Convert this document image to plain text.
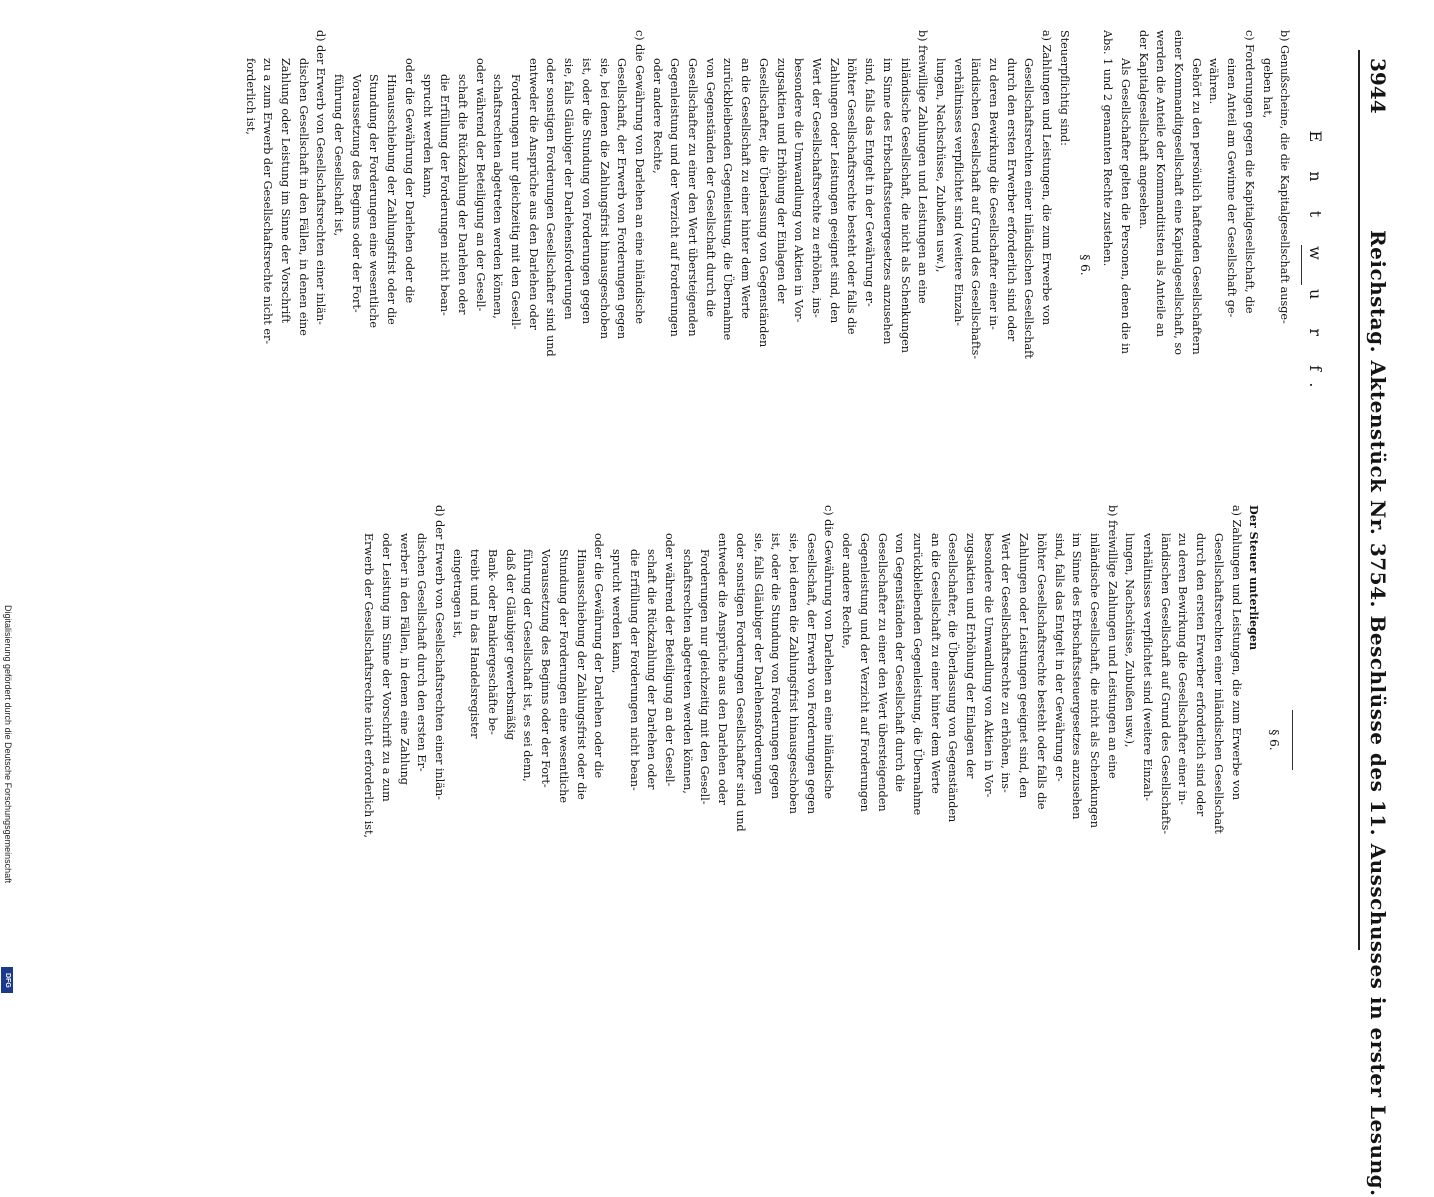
3944
Reichstag. Aktenstück Nr. 3754. Beschlüsse des 11. Ausschusses in erster Lesung.

E n t w u r f.

b) Genußscheine, die die Kapitalgesellschaft ausge-

geben hat,

c) Forderungen gegen die Kapitalgesellschaft, die

einen Anteil am Gewinne der Gesellschaft ge-

währen.

Gehört zu den persönlich haftenden Gesellschaftern

einer Kommanditgesellschaft eine Kapitalgesellschaft, so

werden die Anteile der Kommanditisten als Anteile an

der Kapitalgesellschaft angesehen.

Als Gesellschafter gelten die Personen, denen die in

Abs. 1 und 2 genannten Rechte zustehen.

§ 6.

Steuerpflichtig sind:

a) Zahlungen und Leistungen, die zum Erwerbe von

Gesellschaftsrechten einer inländischen Gesellschaft

durch den ersten Erwerber erforderlich sind oder

zu deren Bewirkung die Gesellschafter einer in-

ländischen Gesellschaft auf Grund des Gesellschafts-

verhältnisses verpflichtet sind (weitere Einzah-

lungen, Nachschüsse, Zubußen usw.),

b) freiwillige Zahlungen und Leistungen an eine

inländische Gesellschaft, die nicht als Schenkungen

im Sinne des Erbschaftssteuergesetzes anzusehen

sind, falls das Entgelt in der Gewährung er-

höhter Gesellschaftsrechte besteht oder falls die

Zahlungen oder Leistungen geeignet sind, den

Wert der Gesellschaftsrechte zu erhöhen, ins-

besondere die Umwandlung von Aktien in Vor-

zugsaktien und Erhöhung der Einlagen der

Gesellschafter, die Überlassung von Gegenständen

an die Gesellschaft zu einer hinter dem Werte

zurückbleibenden Gegenleistung, die Übernahme

von Gegenständen der Gesellschaft durch die

Gesellschafter zu einer den Wert übersteigenden

Gegenleistung und der Verzicht auf Forderungen

oder andere Rechte,

c) die Gewährung von Darlehen an eine inländische

Gesellschaft, der Erwerb von Forderungen gegen

sie, bei denen die Zahlungsfrist hinausgeschoben

ist, oder die Stundung von Forderungen gegen

sie, falls Gläubiger der Darlehensforderungen

oder sonstigen Forderungen Gesellschafter sind und

entweder die Ansprüche aus den Darlehen oder

Forderungen nur gleichzeitig mit den Gesell-

schaftsrechten abgetreten werden können,

oder während der Beteiligung an der Gesell-

schaft die Rückzahlung der Darlehen oder

die Erfüllung der Forderungen nicht bean-

sprucht werden kann,

oder die Gewährung der Darlehen oder die

Hinausschiebung der Zahlungsfrist oder die

Stundung der Forderungen eine wesentliche

Voraussetzung des Beginns oder der Fort-

führung der Gesellschaft ist,

d) der Erwerb von Gesellschaftsrechten einer inlän-

dischen Gesellschaft in den Fällen, in denen eine

Zahlung oder Leistung im Sinne der Vorschrift

zu a zum Erwerb der Gesellschaftsrechte nicht er-

forderlich ist,

§ 6.

Der Steuer unterliegen

a) Zahlungen und Leistungen, die zum Erwerbe von

Gesellschaftsrechten einer inländischen Gesellschaft

durch den ersten Erwerber erforderlich sind oder

zu deren Bewirkung die Gesellschafter einer in-

ländischen Gesellschaft auf Grund des Gesellschafts-

verhältnisses verpflichtet sind (weitere Einzah-

lungen, Nachschüsse, Zubußen usw.),

b) freiwillige Zahlungen und Leistungen an eine

inländische Gesellschaft, die nicht als Schenkungen

im Sinne des Erbschaftssteuergesetzes anzusehen

sind, falls das Entgelt in der Gewährung er-

höhter Gesellschaftsrechte besteht oder falls die

Zahlungen oder Leistungen geeignet sind, den

Wert der Gesellschaftsrechte zu erhöhen, ins-

besondere die Umwandlung von Aktien in Vor-

zugsaktien und Erhöhung der Einlagen der

Gesellschafter, die Überlassung von Gegenständen

an die Gesellschaft zu einer hinter dem Werte

zurückbleibenden Gegenleistung, die Übernahme

von Gegenständen der Gesellschaft durch die

Gesellschafter zu einer den Wert übersteigenden

Gegenleistung und der Verzicht auf Forderungen

oder andere Rechte,

c) die Gewährung von Darlehen an eine inländische

Gesellschaft, der Erwerb von Forderungen gegen

sie, bei denen die Zahlungsfrist hinausgeschoben

ist, oder die Stundung von Forderungen gegen

sie, falls Gläubiger der Darlehensforderungen

oder sonstigen Forderungen Gesellschafter sind und

entweder die Ansprüche aus den Darlehen oder

Forderungen nur gleichzeitig mit den Gesell-

schaftsrechten abgetreten werden können,

oder während der Beteiligung an der Gesell-

schaft die Rückzahlung der Darlehen oder

die Erfüllung der Forderungen nicht bean-

sprucht werden kann,

oder die Gewährung der Darlehen oder die

Hinausschiebung der Zahlungsfrist oder die

Stundung der Forderungen eine wesentliche

Voraussetzung des Beginns oder der Fort-

führung der Gesellschaft ist, es sei denn,

daß der Gläubiger gewerbsmäßig

Bank- oder Bankiergeschäfte be-

treibt und in das Handelsregister

eingetragen ist,

d) der Erwerb von Gesellschaftsrechten einer inlän-

dischen Gesellschaft durch den ersten Er-

werber in den Fällen, in denen eine Zahlung

oder Leistung im Sinne der Vorschrift zu a zum

Erwerb der Gesellschaftsrechte nicht erforderlich ist,

Digitalisierung gefördert durch die Deutsche Forschungsgemeinschaft
DFG
